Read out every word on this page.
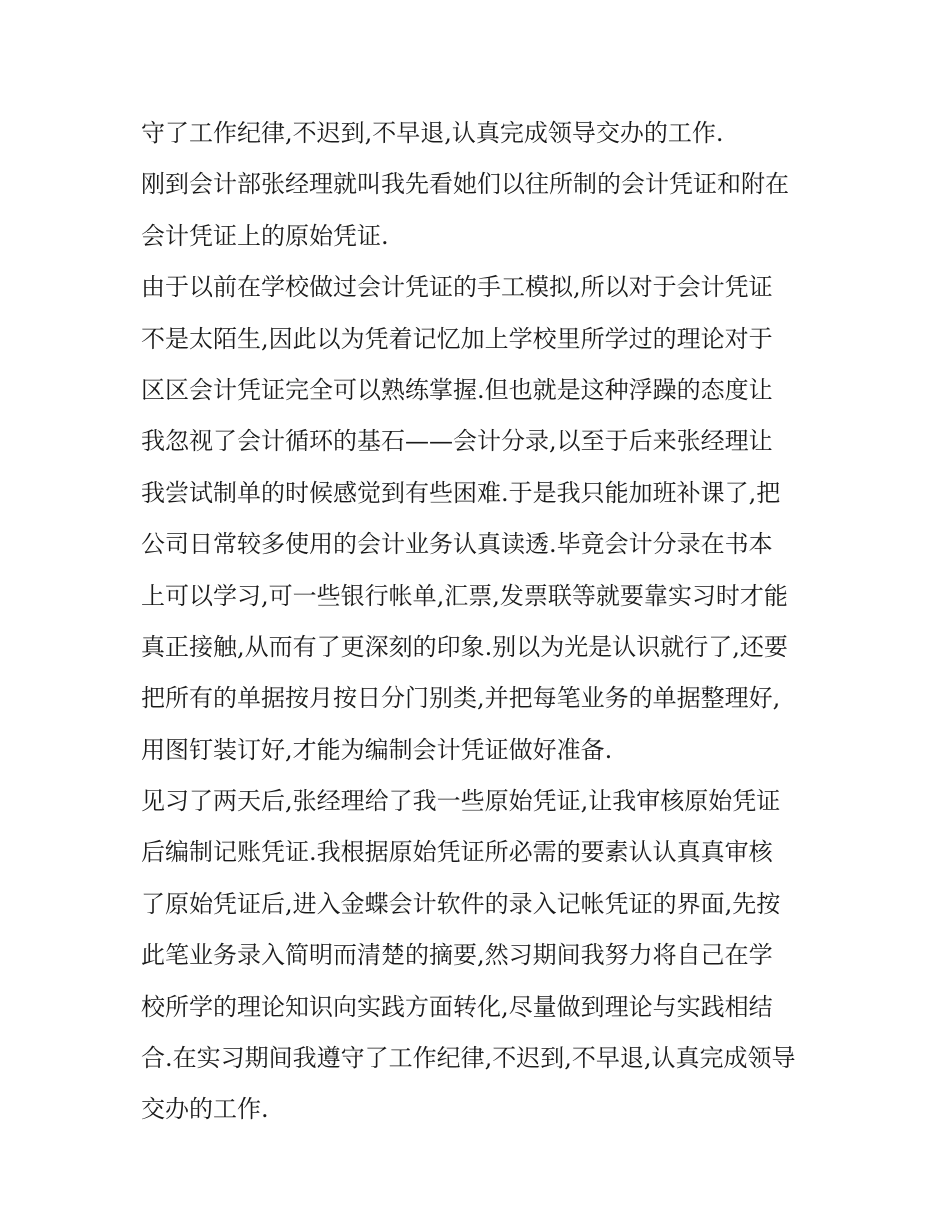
守了工作纪律,不迟到,不早退,认真完成领导交办的工作.
刚到会计部张经理就叫我先看她们以往所制的会计凭证和附在
会计凭证上的原始凭证.
由于以前在学校做过会计凭证的手工模拟,所以对于会计凭证
不是太陌生,因此以为凭着记忆加上学校里所学过的理论对于
区区会计凭证完全可以熟练掌握.但也就是这种浮躁的态度让
我忽视了会计循环的基石——会计分录,以至于后来张经理让
我尝试制单的时候感觉到有些困难.于是我只能加班补课了,把
公司日常较多使用的会计业务认真读透.毕竟会计分录在书本
上可以学习,可一些银行帐单,汇票,发票联等就要靠实习时才能
真正接触,从而有了更深刻的印象.别以为光是认识就行了,还要
把所有的单据按月按日分门别类,并把每笔业务的单据整理好,
用图钉装订好,才能为编制会计凭证做好准备.
见习了两天后,张经理给了我一些原始凭证,让我审核原始凭证
后编制记账凭证.我根据原始凭证所必需的要素认认真真审核
了原始凭证后,进入金蝶会计软件的录入记帐凭证的界面,先按
此笔业务录入简明而清楚的摘要,然习期间我努力将自己在学
校所学的理论知识向实践方面转化,尽量做到理论与实践相结
合.在实习期间我遵守了工作纪律,不迟到,不早退,认真完成领导
交办的工作.
